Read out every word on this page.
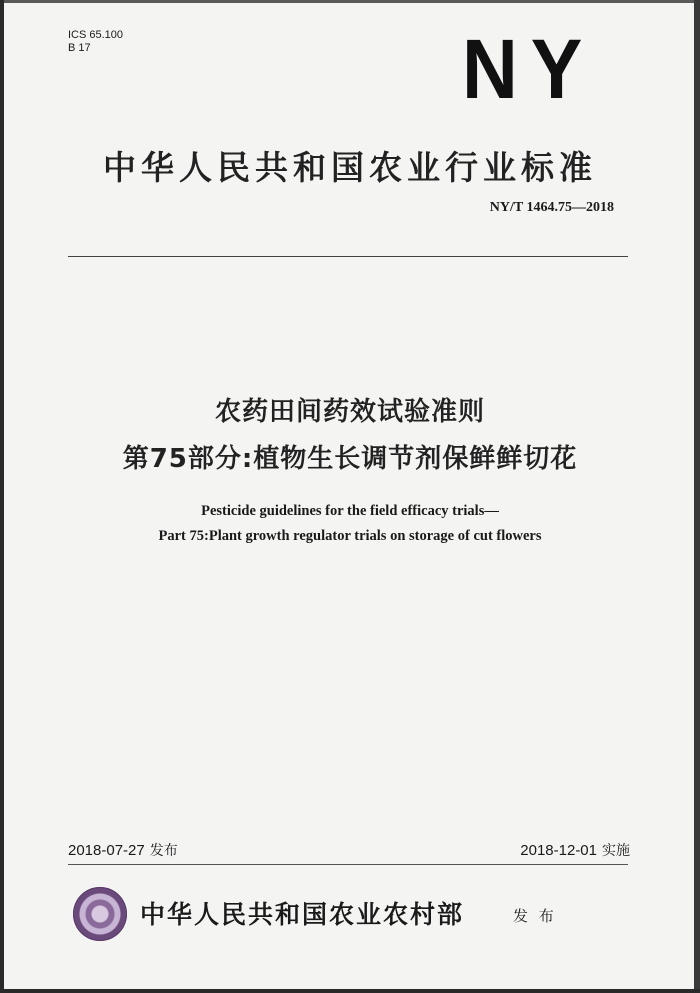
ICS 65.100
B 17	NY
中华人民共和国农业行业标准
NY/T 1464.75—2018
农药田间药效试验准则
第75部分:植物生长调节剂保鲜鲜切花
Pesticide guidelines for the field efficacy trials—
Part 75:Plant growth regulator trials on storage of cut flowers
2018-07-27 发布	2018-12-01 实施
中华人民共和国农业农村部	发 布
